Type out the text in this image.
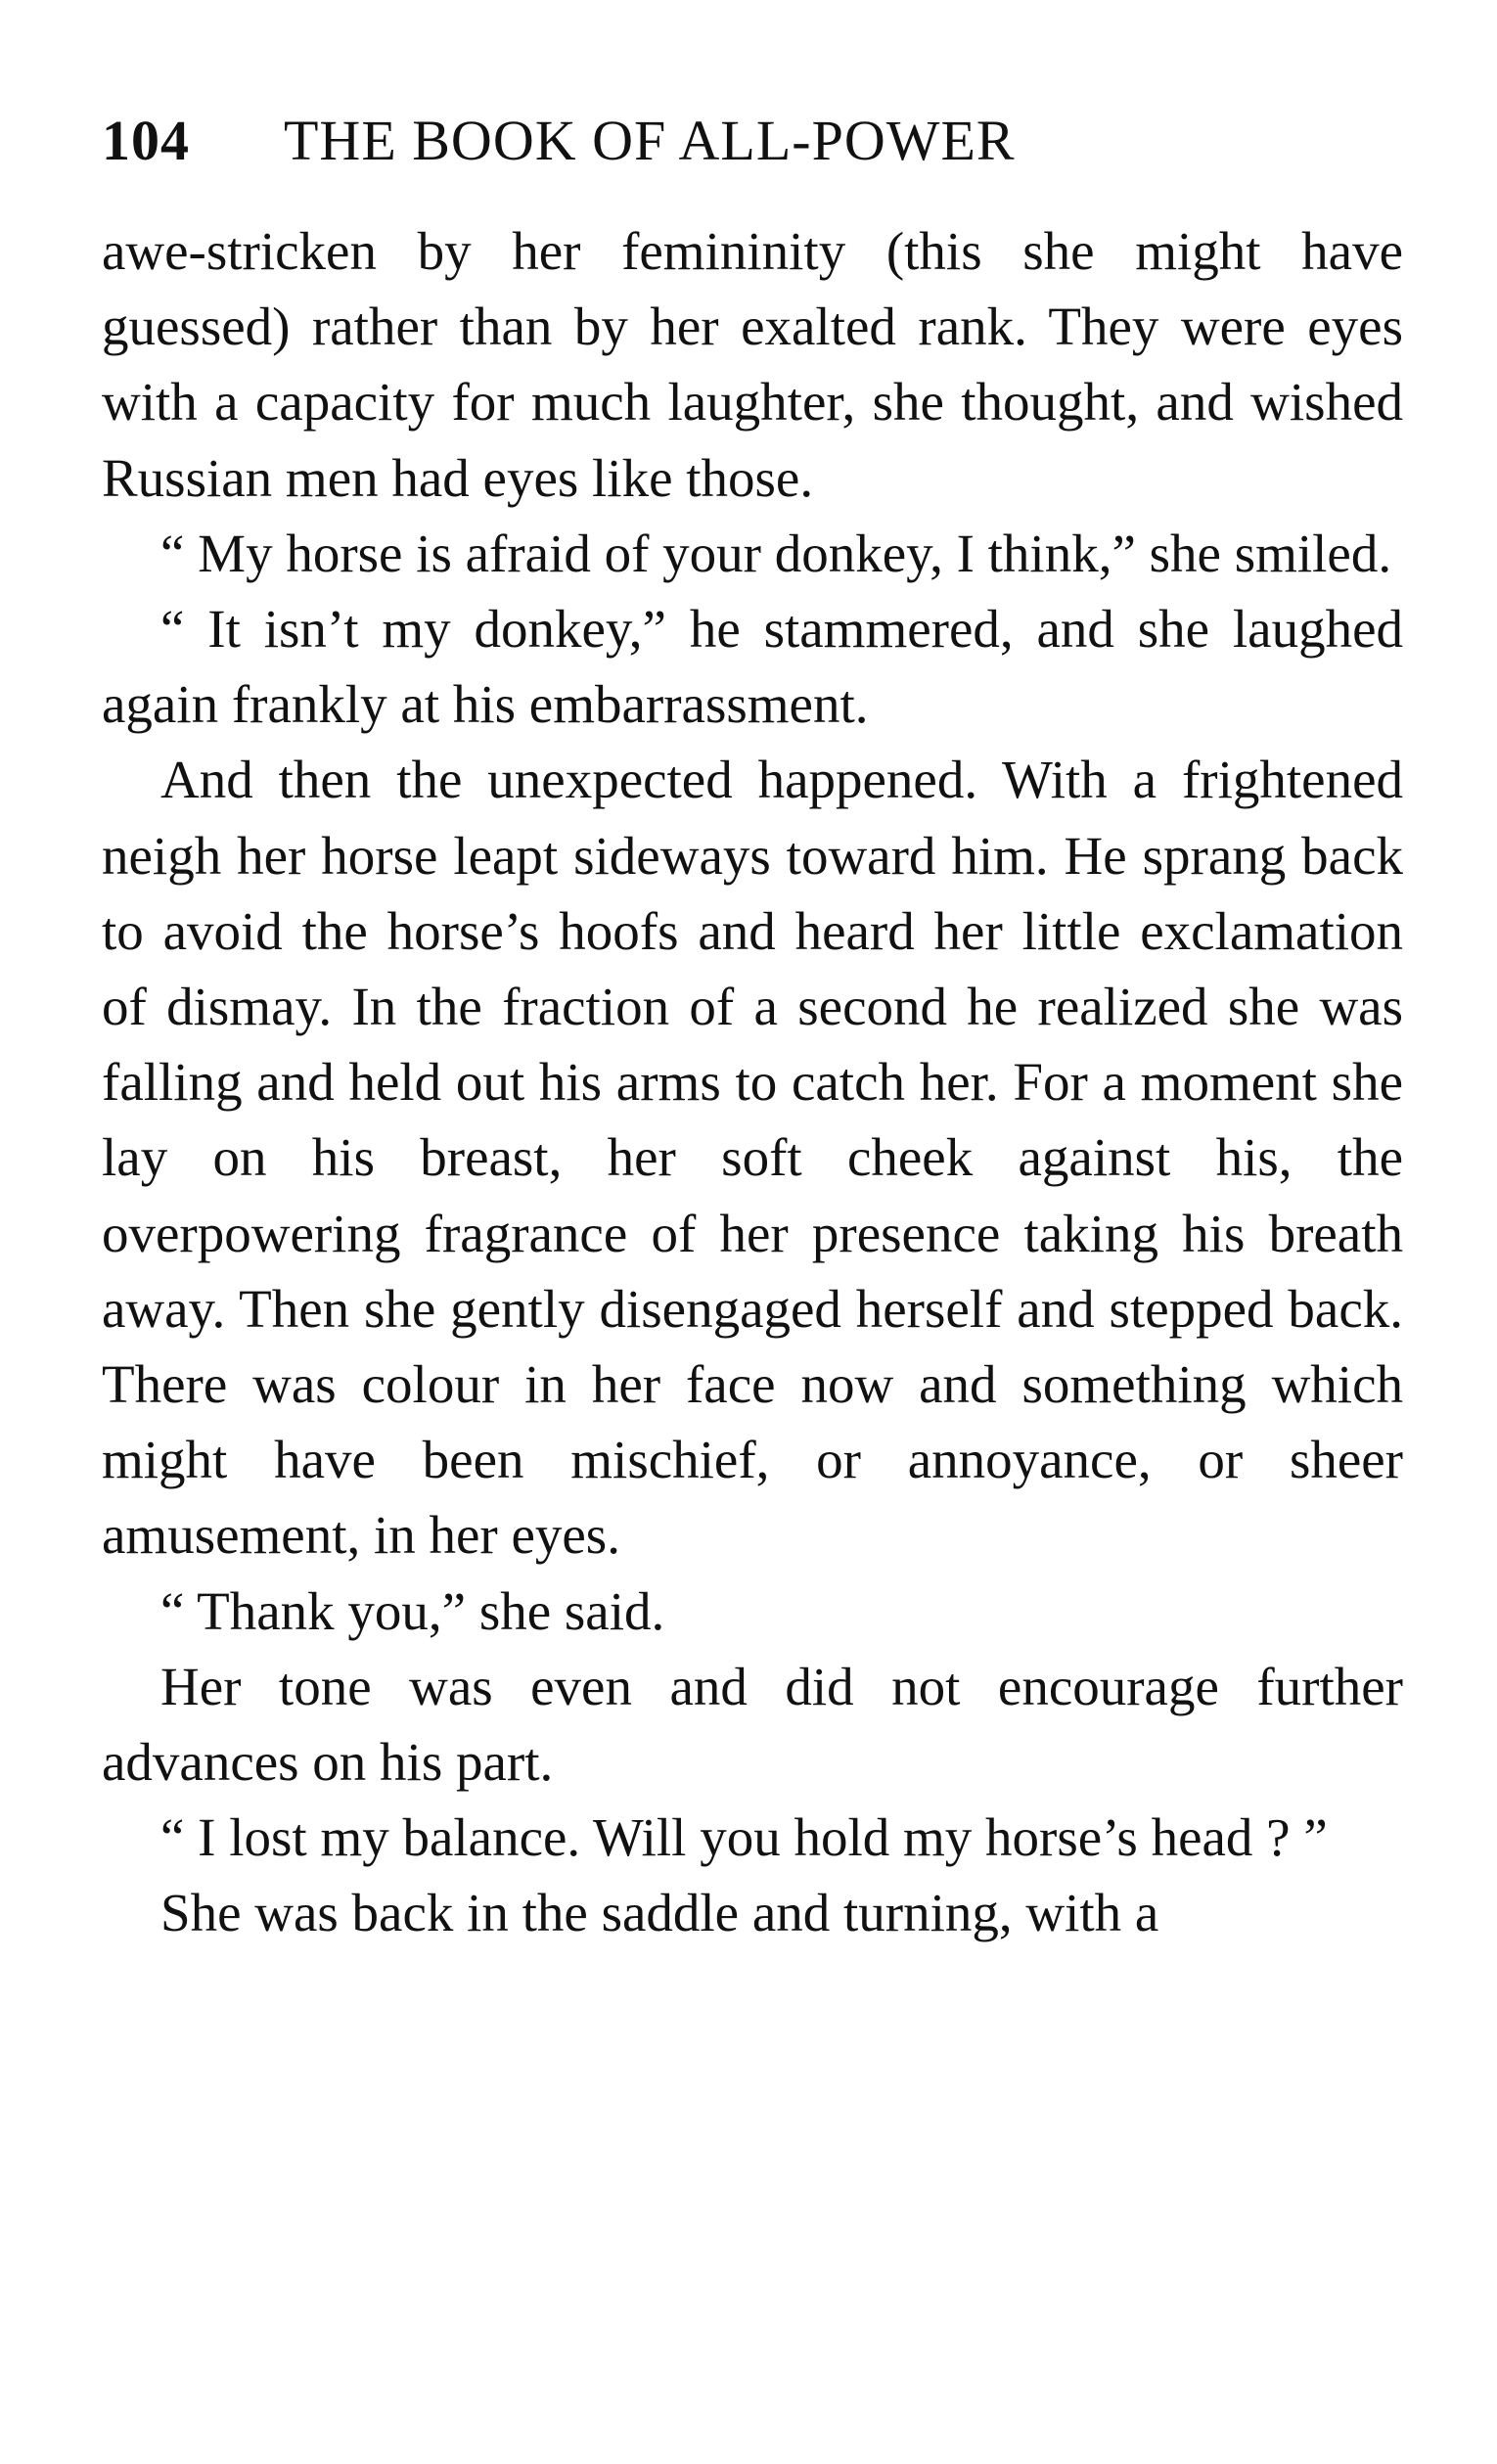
104 THE BOOK OF ALL-POWER

awe-stricken by her femininity (this she might have guessed) rather than by her exalted rank. They were eyes with a capacity for much laughter, she thought, and wished Russian men had eyes like those.

“ My horse is afraid of your donkey, I think,” she smiled.

“ It isn’t my donkey,” he stammered, and she laughed again frankly at his embarrassment.

And then the unexpected happened. With a frightened neigh her horse leapt sideways toward him. He sprang back to avoid the horse’s hoofs and heard her little exclamation of dismay. In the fraction of a second he realized she was falling and held out his arms to catch her. For a moment she lay on his breast, her soft cheek against his, the overpowering fragrance of her presence taking his breath away. Then she gently disengaged herself and stepped back. There was colour in her face now and something which might have been mischief, or annoyance, or sheer amusement, in her eyes.

“ Thank you,” she said.

Her tone was even and did not encourage further advances on his part.

“ I lost my balance. Will you hold my horse’s head ? ”

She was back in the saddle and turning, with a
